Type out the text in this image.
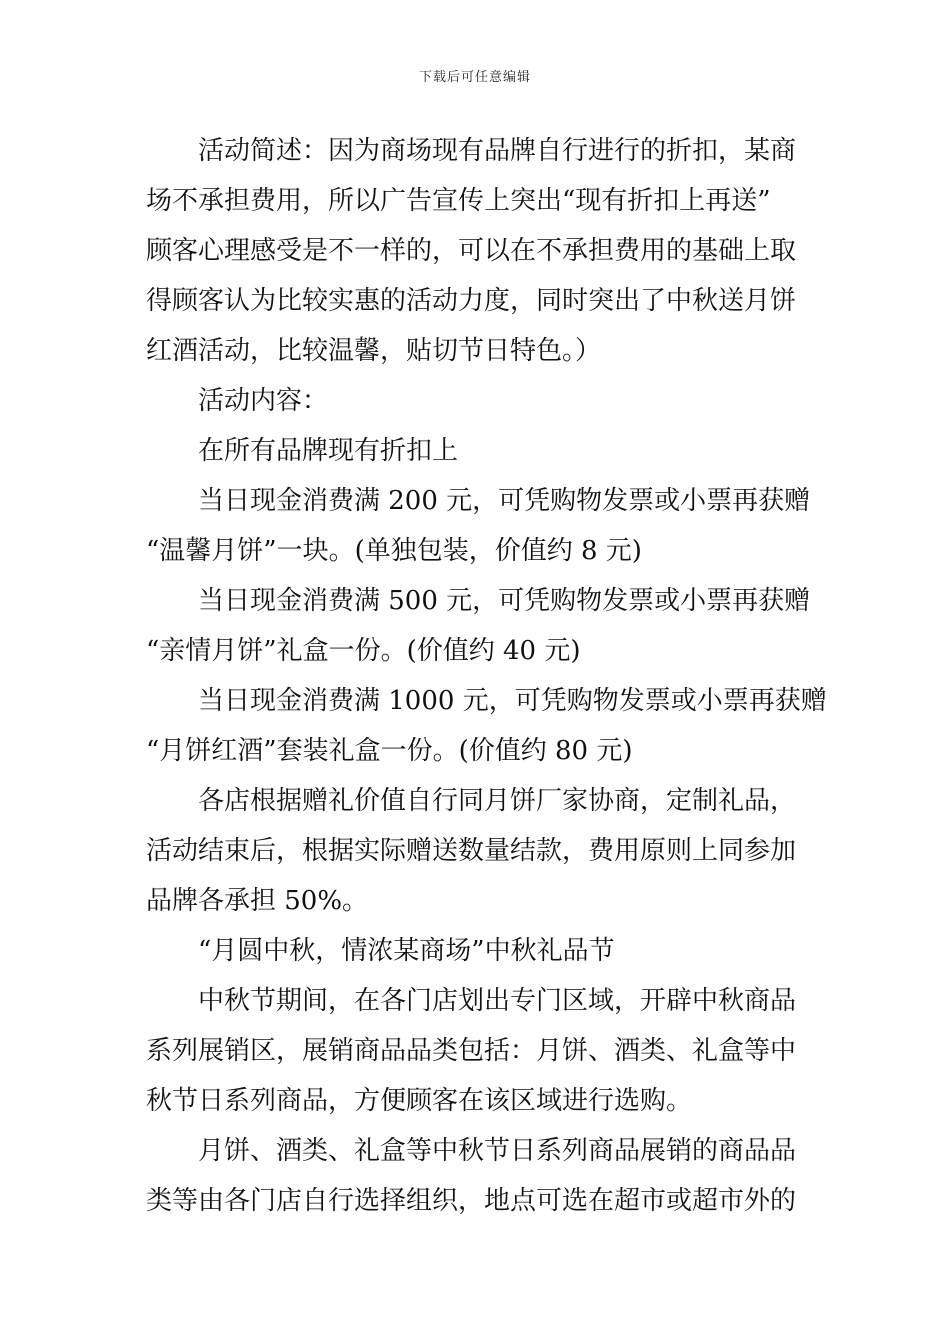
下载后可任意编辑
活动简述：因为商场现有品牌自行进行的折扣，某商
场不承担费用，所以广告宣传上突出“现有折扣上再送”
顾客心理感受是不一样的，可以在不承担费用的基础上取
得顾客认为比较实惠的活动力度，同时突出了中秋送月饼
红酒活动，比较温馨，贴切节日特色。）
活动内容：
在所有品牌现有折扣上
当日现金消费满 200 元，可凭购物发票或小票再获赠
“温馨月饼”一块。(单独包装，价值约 8 元)
当日现金消费满 500 元，可凭购物发票或小票再获赠
“亲情月饼”礼盒一份。(价值约 40 元)
当日现金消费满 1000 元，可凭购物发票或小票再获赠
“月饼红酒”套装礼盒一份。(价值约 80 元)
各店根据赠礼价值自行同月饼厂家协商，定制礼品，
活动结束后，根据实际赠送数量结款，费用原则上同参加
品牌各承担 50%。
“月圆中秋，情浓某商场”中秋礼品节
中秋节期间，在各门店划出专门区域，开辟中秋商品
系列展销区，展销商品品类包括：月饼、酒类、礼盒等中
秋节日系列商品，方便顾客在该区域进行选购。
月饼、酒类、礼盒等中秋节日系列商品展销的商品品
类等由各门店自行选择组织，地点可选在超市或超市外的
